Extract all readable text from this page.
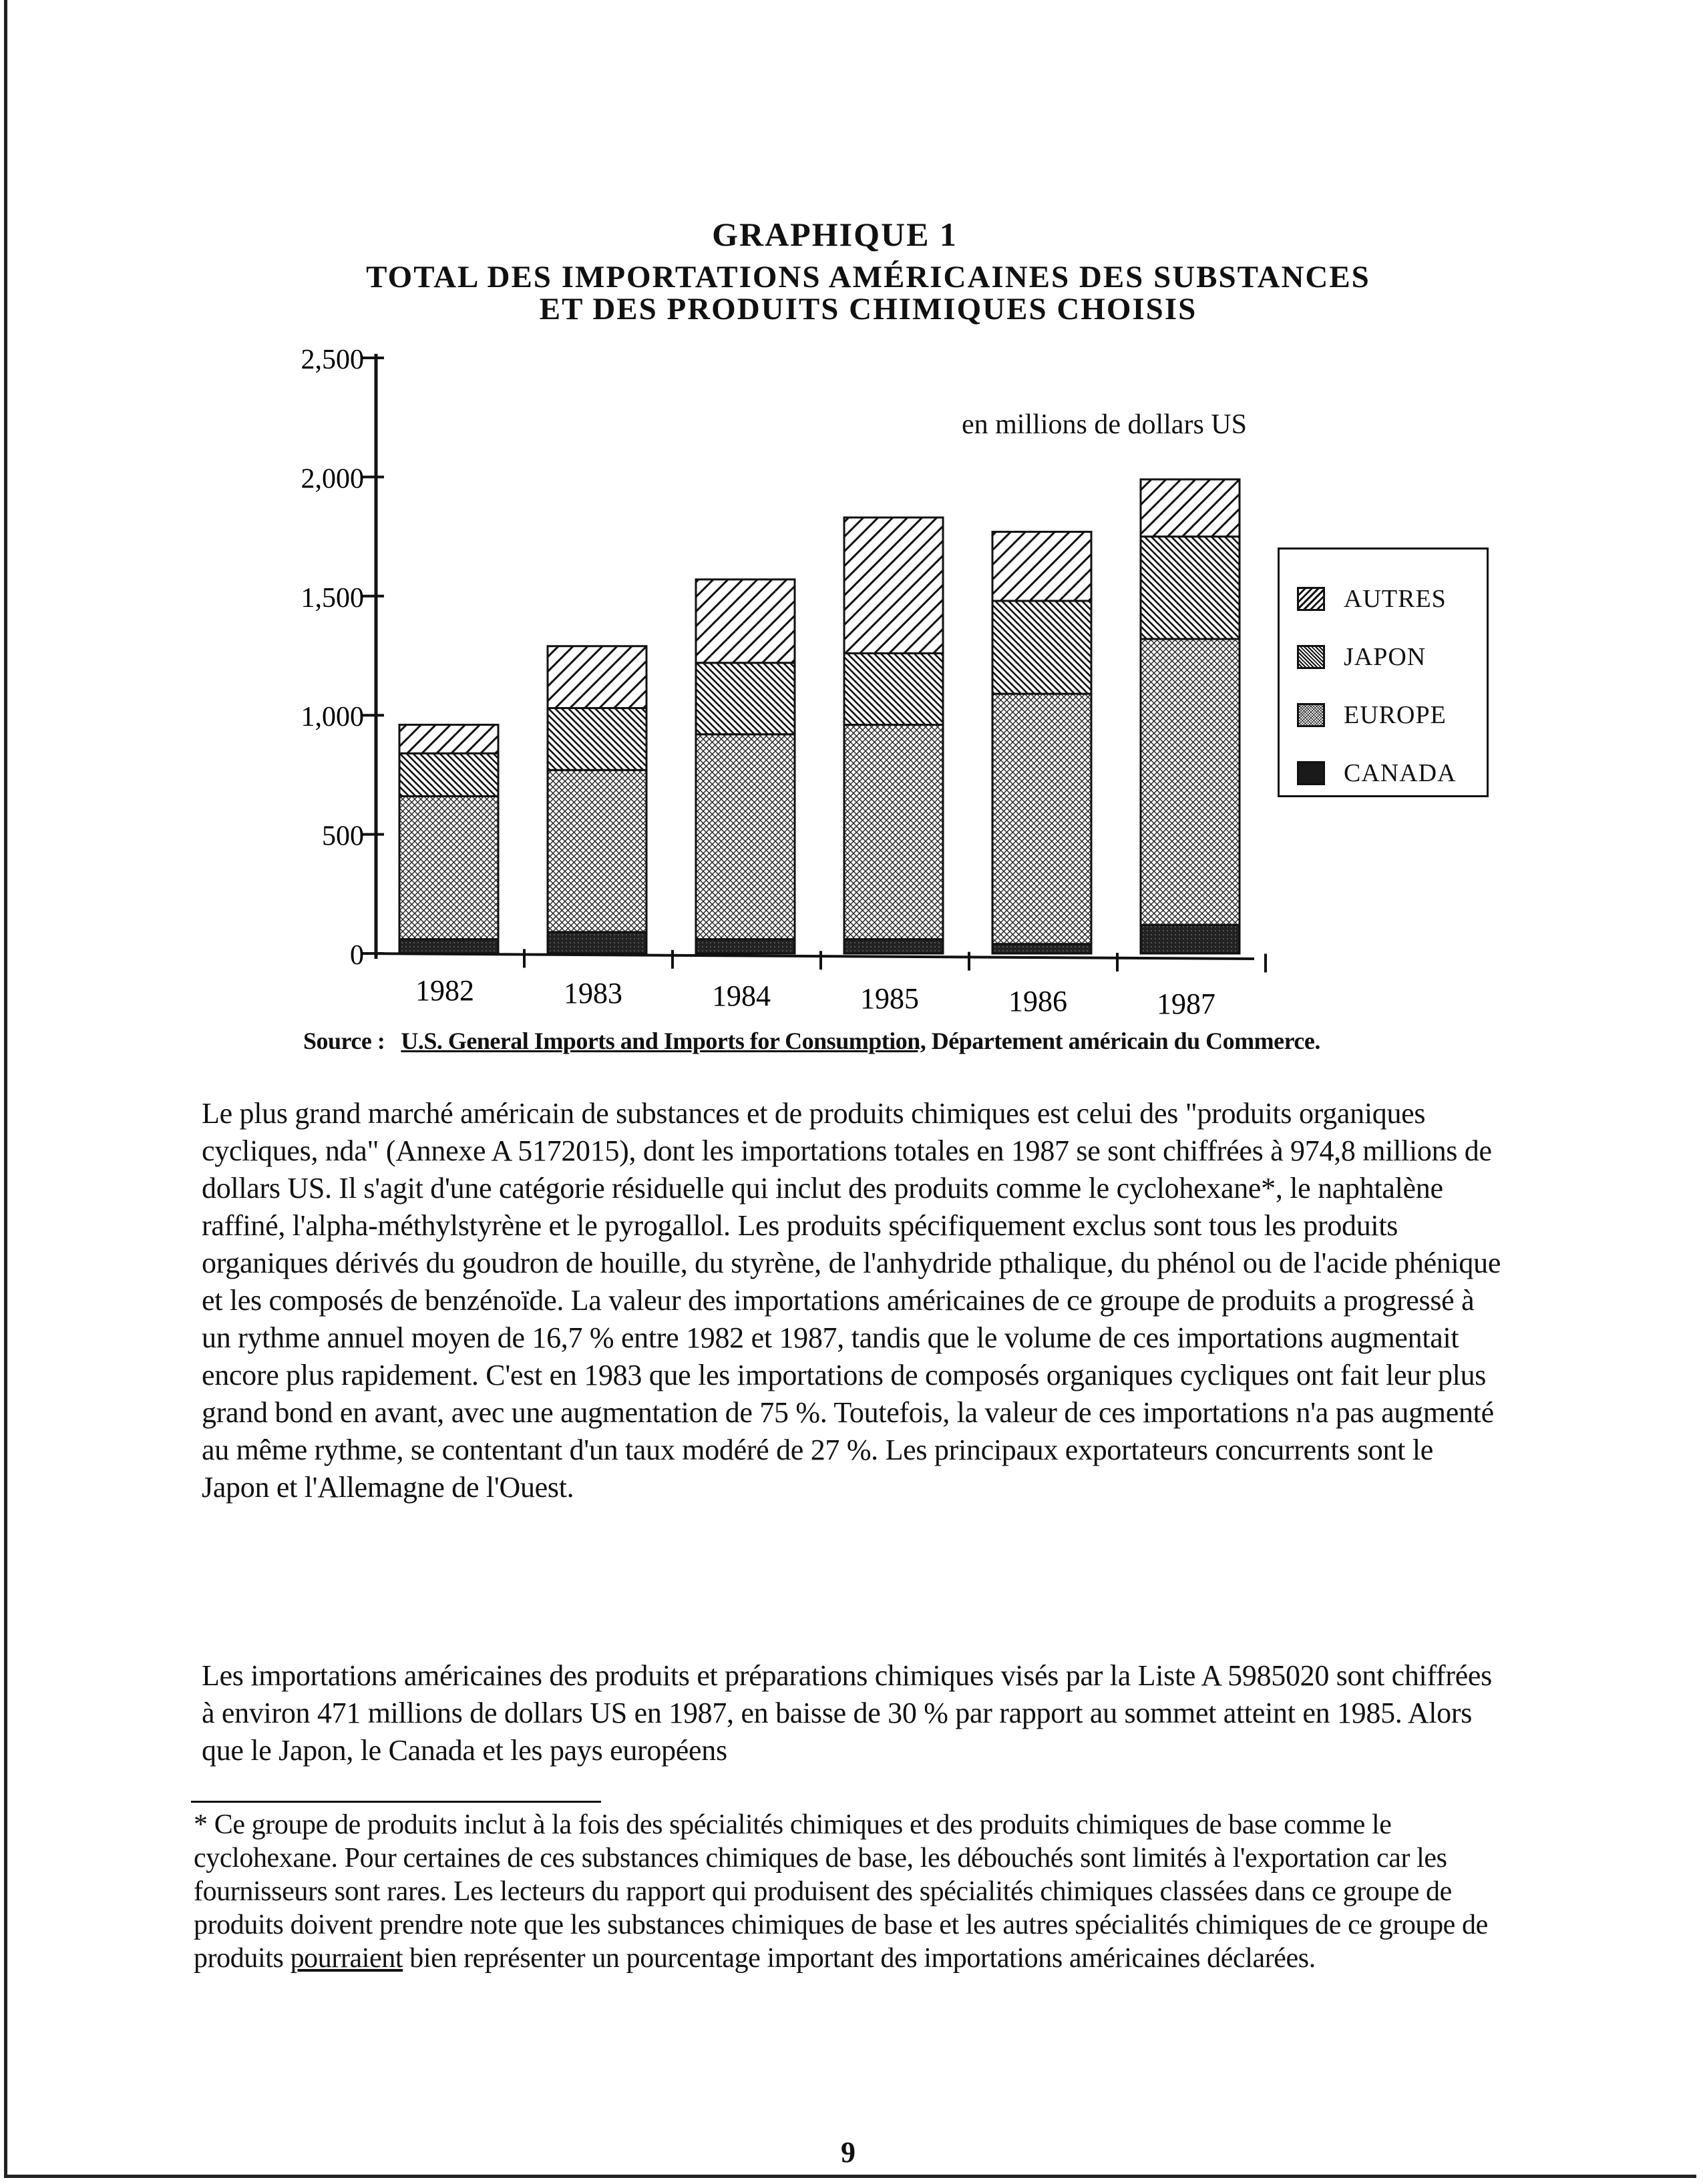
GRAPHIQUE 1
TOTAL DES IMPORTATIONS AMÉRICAINES DES SUBSTANCES
ET DES PRODUITS CHIMIQUES CHOISIS
0
500
1,000
1,500
2,000
2,500
1982	1983	1984	1985	1986	1987
en millions de dollars US
AUTRES
JAPON
EUROPE
CANADA
Source : U.S. General Imports and Imports for Consumption, Département américain du Commerce.

Le plus grand marché américain de substances et de produits chimiques est celui des "produits organiques cycliques, nda" (Annexe A 5172015), dont les importations totales en 1987 se sont chiffrées à 974,8 millions de dollars US. Il s'agit d'une catégorie résiduelle qui inclut des produits comme le cyclohexane*, le naphtalène raffiné, l'alpha-méthylstyrène et le pyrogallol. Les produits spécifiquement exclus sont tous les produits organiques dérivés du goudron de houille, du styrène, de l'anhydride pthalique, du phénol ou de l'acide phénique et les composés de benzénoïde. La valeur des importations américaines de ce groupe de produits a progressé à un rythme annuel moyen de 16,7 % entre 1982 et 1987, tandis que le volume de ces importations augmentait encore plus rapidement. C'est en 1983 que les importations de composés organiques cycliques ont fait leur plus grand bond en avant, avec une augmentation de 75 %. Toutefois, la valeur de ces importations n'a pas augmenté au même rythme, se contentant d'un taux modéré de 27 %. Les principaux exportateurs concurrents sont le Japon et l'Allemagne de l'Ouest.

Les importations américaines des produits et préparations chimiques visés par la Liste A 5985020 sont chiffrées à environ 471 millions de dollars US en 1987, en baisse de 30 % par rapport au sommet atteint en 1985. Alors que le Japon, le Canada et les pays européens

* Ce groupe de produits inclut à la fois des spécialités chimiques et des produits chimiques de base comme le cyclohexane. Pour certaines de ces substances chimiques de base, les débouchés sont limités à l'exportation car les fournisseurs sont rares. Les lecteurs du rapport qui produisent des spécialités chimiques classées dans ce groupe de produits doivent prendre note que les substances chimiques de base et les autres spécialités chimiques de ce groupe de produits pourraient bien représenter un pourcentage important des importations américaines déclarées.

9
